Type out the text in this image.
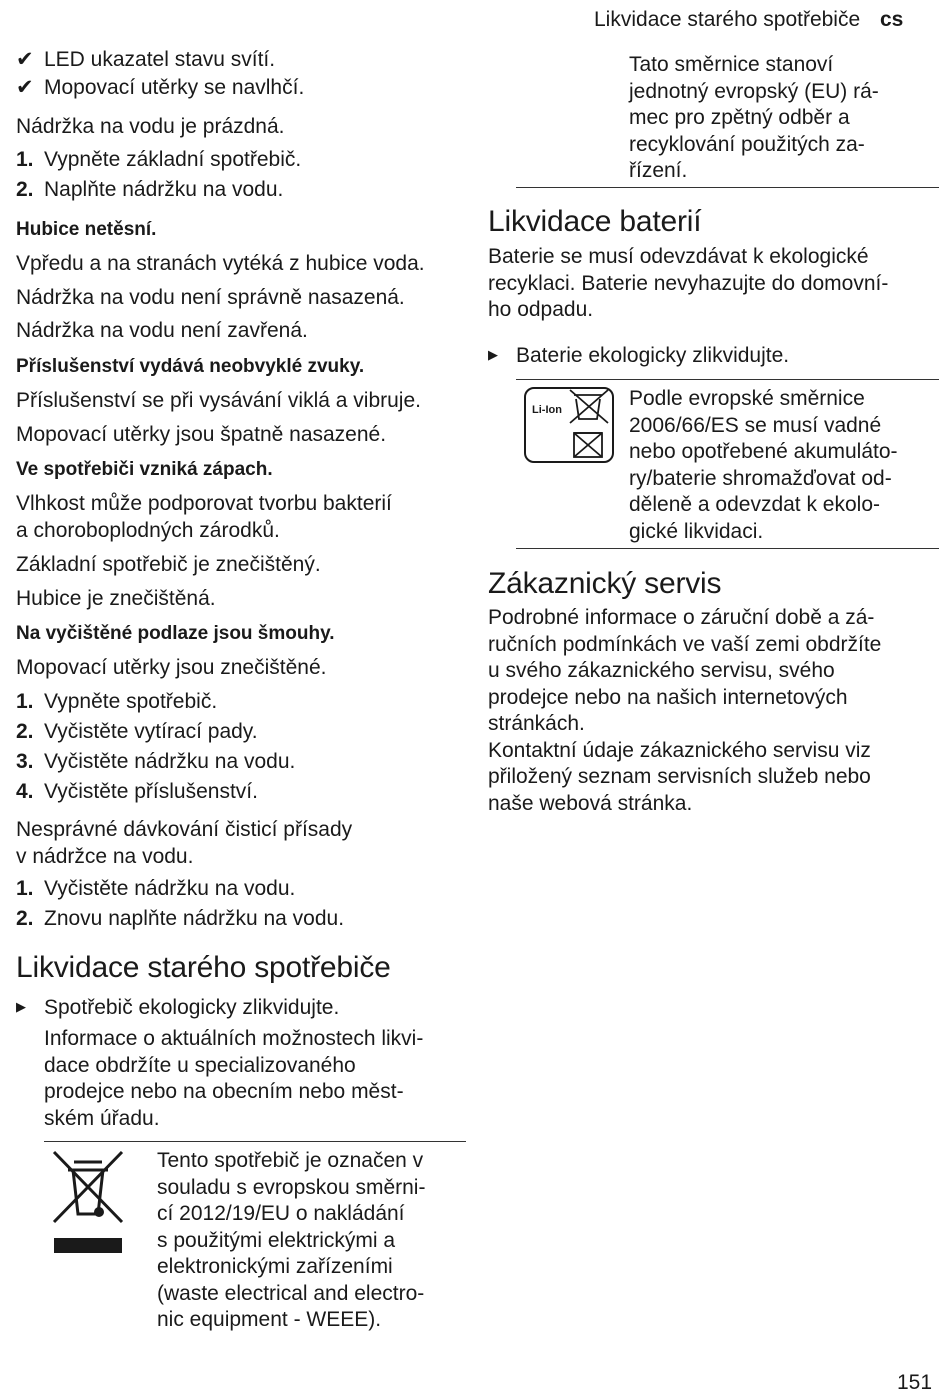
Likvidace starého spotřebiče cs
✔ LED ukazatel stavu svítí.
✔ Mopovací utěrky se navlhčí.
Nádržka na vodu je prázdná.
1. Vypněte základní spotřebič.
2. Naplňte nádržku na vodu.
Hubice netěsní.
Vpředu a na stranách vytéká z hubice voda.
Nádržka na vodu není správně nasazená.
Nádržka na vodu není zavřená.
Příslušenství vydává neobvyklé zvuky.
Příslušenství se při vysávání viklá a vibruje.
Mopovací utěrky jsou špatně nasazené.
Ve spotřebiči vzniká zápach.
Vlhkost může podporovat tvorbu bakterií
a choroboplodných zárodků.
Základní spotřebič je znečištěný.
Hubice je znečištěná.
Na vyčištěné podlaze jsou šmouhy.
Mopovací utěrky jsou znečištěné.
1. Vypněte spotřebič.
2. Vyčistěte vytírací pady.
3. Vyčistěte nádržku na vodu.
4. Vyčistěte příslušenství.
Nesprávné dávkování čisticí přísady
v nádržce na vodu.
1. Vyčistěte nádržku na vodu.
2. Znovu naplňte nádržku na vodu.
Likvidace starého spotřebiče
▶ Spotřebič ekologicky zlikvidujte.
Informace o aktuálních možnostech likvi-
dace obdržíte u specializovaného
prodejce nebo na obecním nebo měst-
ském úřadu.
Tento spotřebič je označen v
souladu s evropskou směrni-
cí 2012/19/EU o nakládání
s použitými elektrickými a
elektronickými zařízeními
(waste electrical and electro-
nic equipment - WEEE).
Tato směrnice stanoví
jednotný evropský (EU) rá-
mec pro zpětný odběr a
recyklování použitých za-
řízení.
Likvidace baterií
Baterie se musí odevzdávat k ekologické
recyklaci. Baterie nevyhazujte do domovní-
ho odpadu.
▶ Baterie ekologicky zlikvidujte.
Li-Ion	Podle evropské směrnice
2006/66/ES se musí vadné
nebo opotřebené akumuláto-
ry/baterie shromažďovat od-
děleně a odevzdat k ekolo-
gické likvidaci.
Zákaznický servis
Podrobné informace o záruční době a zá-
ručních podmínkách ve vaší zemi obdržíte
u svého zákaznického servisu, svého
prodejce nebo na našich internetových
stránkách.
Kontaktní údaje zákaznického servisu viz
přiložený seznam servisních služeb nebo
naše webová stránka.
151
